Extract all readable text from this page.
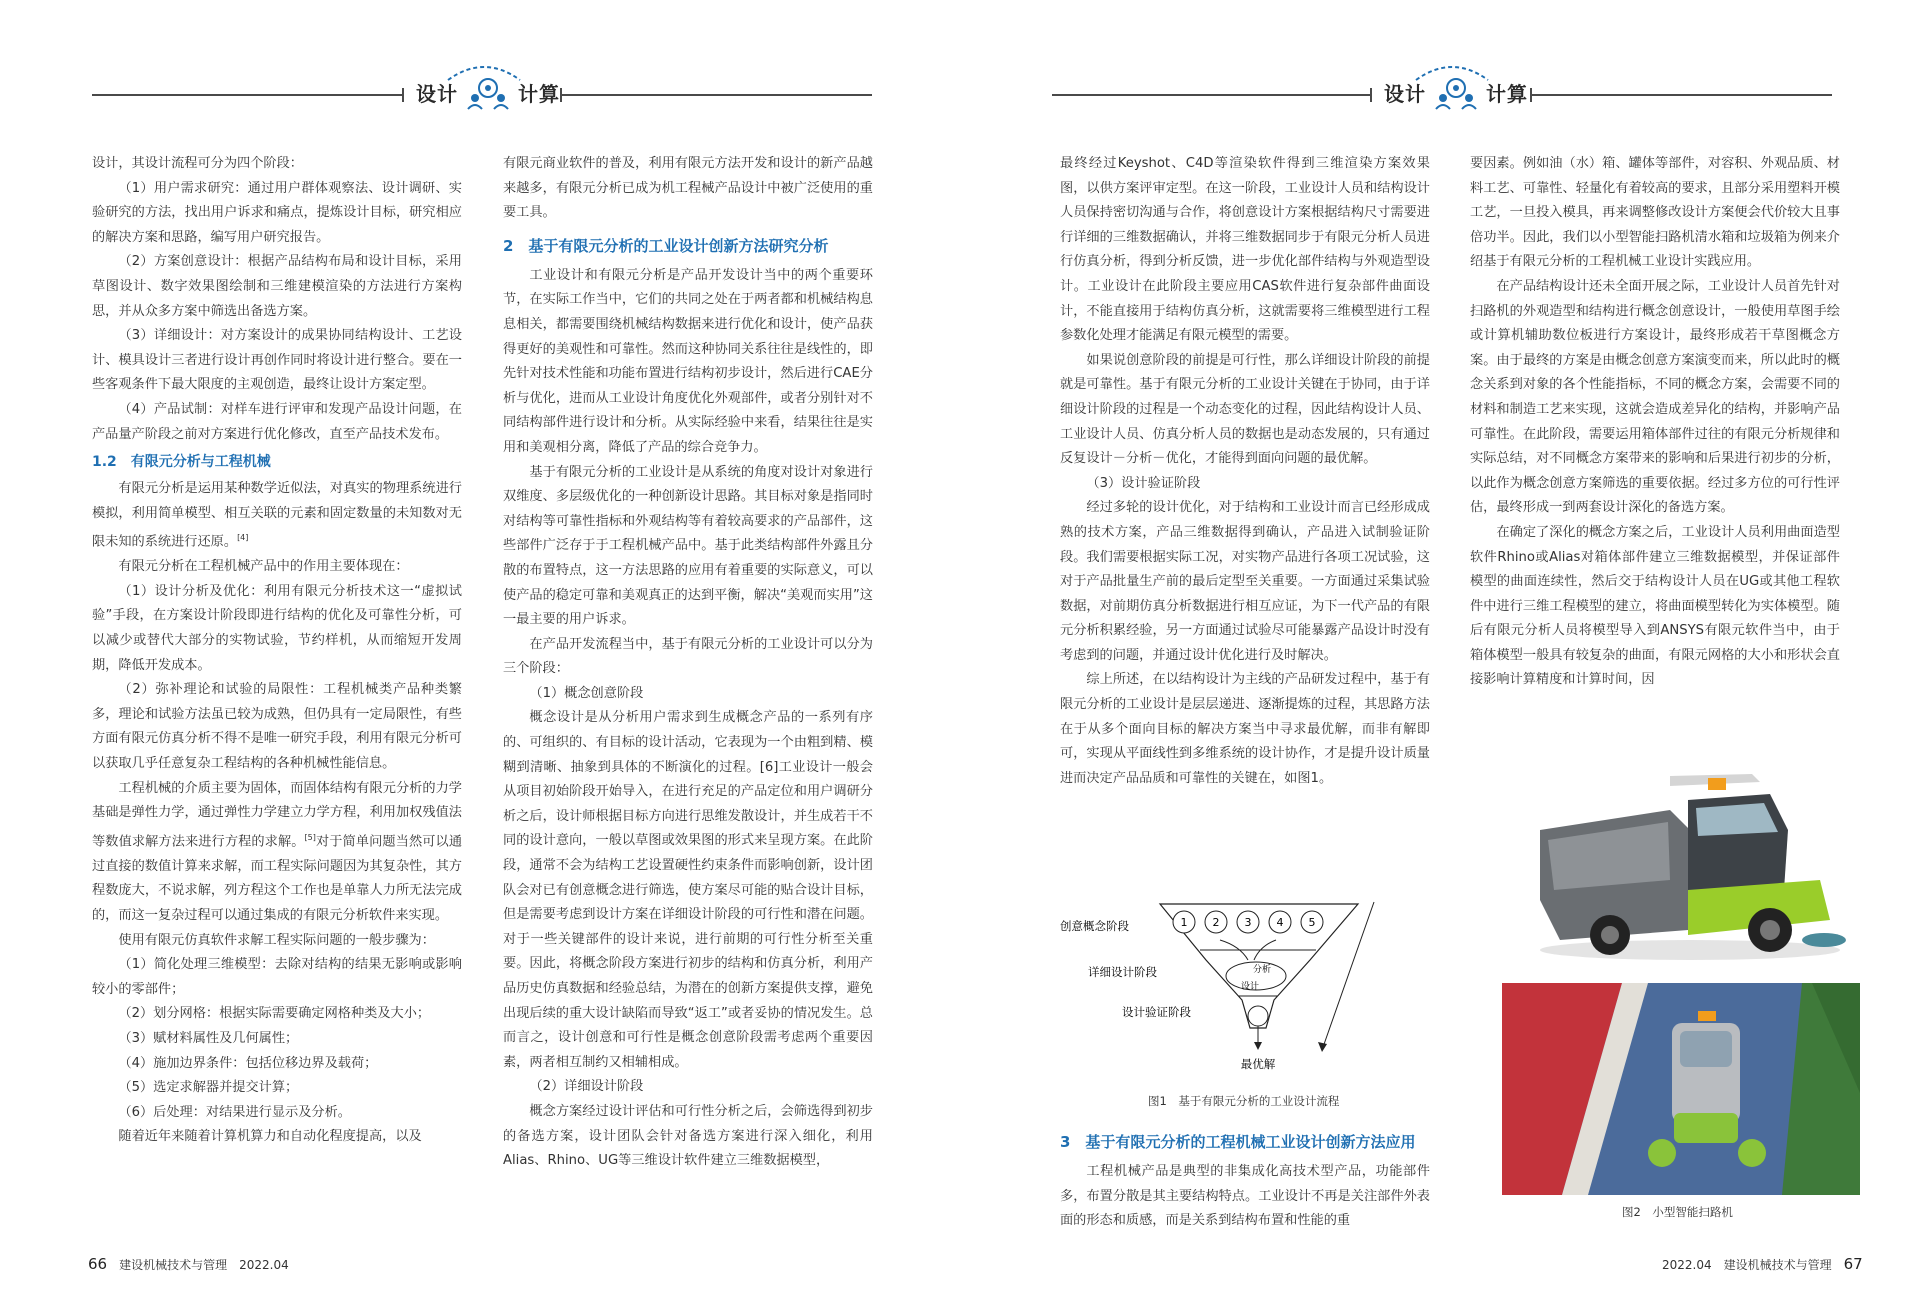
设计	计算

设计，其设计流程可分为四个阶段：

（1）用户需求研究：通过用户群体观察法、设计调研、实验研究的方法，找出用户诉求和痛点，提炼设计目标，研究相应的解决方案和思路，编写用户研究报告。

（2）方案创意设计：根据产品结构布局和设计目标，采用草图设计、数字效果图绘制和三维建模渲染的方法进行方案构思，并从众多方案中筛选出备选方案。

（3）详细设计：对方案设计的成果协同结构设计、工艺设计、模具设计三者进行设计再创作同时将设计进行整合。要在一些客观条件下最大限度的主观创造，最终让设计方案定型。

（4）产品试制：对样车进行评审和发现产品设计问题，在产品量产阶段之前对方案进行优化修改，直至产品技术发布。

1.2　有限元分析与工程机械

有限元分析是运用某种数学近似法，对真实的物理系统进行模拟，利用简单模型、相互关联的元素和固定数量的未知数对无限未知的系统进行还原。[4]

有限元分析在工程机械产品中的作用主要体现在：

（1）设计分析及优化：利用有限元分析技术这一“虚拟试验”手段，在方案设计阶段即进行结构的优化及可靠性分析，可以减少或替代大部分的实物试验，节约样机，从而缩短开发周期，降低开发成本。

（2）弥补理论和试验的局限性：工程机械类产品种类繁多，理论和试验方法虽已较为成熟，但仍具有一定局限性，有些方面有限元仿真分析不得不是唯一研究手段，利用有限元分析可以获取几乎任意复杂工程结构的各种机械性能信息。

工程机械的介质主要为固体，而固体结构有限元分析的力学基础是弹性力学，通过弹性力学建立力学方程，利用加权残值法等数值求解方法来进行方程的求解。[5]对于简单问题当然可以通过直接的数值计算来求解，而工程实际问题因为其复杂性，其方程数庞大，不说求解，列方程这个工作也是单靠人力所无法完成的，而这一复杂过程可以通过集成的有限元分析软件来实现。

使用有限元仿真软件求解工程实际问题的一般步骤为：

（1）简化处理三维模型：去除对结构的结果无影响或影响较小的零部件；

（2）划分网格：根据实际需要确定网格种类及大小；

（3）赋材料属性及几何属性；

（4）施加边界条件：包括位移边界及载荷；

（5）选定求解器并提交计算；

（6）后处理：对结果进行显示及分析。

随着近年来随着计算机算力和自动化程度提高，以及

有限元商业软件的普及，利用有限元方法开发和设计的新产品越来越多，有限元分析已成为机工程械产品设计中被广泛使用的重要工具。

2　基于有限元分析的工业设计创新方法研究分析

工业设计和有限元分析是产品开发设计当中的两个重要环节，在实际工作当中，它们的共同之处在于两者都和机械结构息息相关，都需要围绕机械结构数据来进行优化和设计，使产品获得更好的美观性和可靠性。然而这种协同关系往往是线性的，即先针对技术性能和功能布置进行结构初步设计，然后进行CAE分析与优化，进而从工业设计角度优化外观部件，或者分别针对不同结构部件进行设计和分析。从实际经验中来看，结果往往是实用和美观相分离，降低了产品的综合竞争力。

基于有限元分析的工业设计是从系统的角度对设计对象进行双维度、多层级优化的一种创新设计思路。其目标对象是指同时对结构等可靠性指标和外观结构等有着较高要求的产品部件，这些部件广泛存于于工程机械产品中。基于此类结构部件外露且分散的布置特点，这一方法思路的应用有着重要的实际意义，可以使产品的稳定可靠和美观真正的达到平衡，解决“美观而实用”这一最主要的用户诉求。

在产品开发流程当中，基于有限元分析的工业设计可以分为三个阶段：

（1）概念创意阶段

概念设计是从分析用户需求到生成概念产品的一系列有序的、可组织的、有目标的设计活动，它表现为一个由粗到精、模糊到清晰、抽象到具体的不断演化的过程。[6]工业设计一般会从项目初始阶段开始导入，在进行充足的产品定位和用户调研分析之后，设计师根据目标方向进行思维发散设计，并生成若干不同的设计意向，一般以草图或效果图的形式来呈现方案。在此阶段，通常不会为结构工艺设置硬性约束条件而影响创新，设计团队会对已有创意概念进行筛选，使方案尽可能的贴合设计目标，但是需要考虑到设计方案在详细设计阶段的可行性和潜在问题。对于一些关键部件的设计来说，进行前期的可行性分析至关重要。因此，将概念阶段方案进行初步的结构和仿真分析，利用产品历史仿真数据和经验总结，为潜在的创新方案提供支撑，避免出现后续的重大设计缺陷而导致“返工”或者妥协的情况发生。总而言之，设计创意和可行性是概念创意阶段需考虑两个重要因素，两者相互制约又相辅相成。

（2）详细设计阶段

概念方案经过设计评估和可行性分析之后，会筛选得到初步的备选方案，设计团队会针对备选方案进行深入细化，利用Alias、Rhino、UG等三维设计软件建立三维数据模型，

66 建设机械技术与管理 2022.04
设计	计算

最终经过Keyshot、C4D等渲染软件得到三维渲染方案效果图，以供方案评审定型。在这一阶段，工业设计人员和结构设计人员保持密切沟通与合作，将创意设计方案根据结构尺寸需要进行详细的三维数据确认，并将三维数据同步于有限元分析人员进行仿真分析，得到分析反馈，进一步优化部件结构与外观造型设计。工业设计在此阶段主要应用CAS软件进行复杂部件曲面设计，不能直接用于结构仿真分析，这就需要将三维模型进行工程参数化处理才能满足有限元模型的需要。

如果说创意阶段的前提是可行性，那么详细设计阶段的前提就是可靠性。基于有限元分析的工业设计关键在于协同，由于详细设计阶段的过程是一个动态变化的过程，因此结构设计人员、工业设计人员、仿真分析人员的数据也是动态发展的，只有通过反复设计－分析－优化，才能得到面向问题的最优解。

（3）设计验证阶段

经过多轮的设计优化，对于结构和工业设计而言已经形成成熟的技术方案，产品三维数据得到确认，产品进入试制验证阶段。我们需要根据实际工况，对实物产品进行各项工况试验，这对于产品批量生产前的最后定型至关重要。一方面通过采集试验数据，对前期仿真分析数据进行相互应证，为下一代产品的有限元分析积累经验，另一方面通过试验尽可能暴露产品设计时没有考虑到的问题，并通过设计优化进行及时解决。

综上所述，在以结构设计为主线的产品研发过程中，基于有限元分析的工业设计是层层递进、逐渐提炼的过程，其思路方法在于从多个面向目标的解决方案当中寻求最优解，而非有解即可，实现从平面线性到多维系统的设计协作，才是提升设计质量进而决定产品品质和可靠性的关键在，如图1。

1 2 3 4 5
分析
设计
创意概念阶段
详细设计阶段
设计验证阶段
最优解
图1　基于有限元分析的工业设计流程
3　基于有限元分析的工程机械工业设计创新方法应用

工程机械产品是典型的非集成化高技术型产品，功能部件多，布置分散是其主要结构特点。工业设计不再是关注部件外表面的形态和质感，而是关系到结构布置和性能的重

要因素。例如油（水）箱、罐体等部件，对容积、外观品质、材料工艺、可靠性、轻量化有着较高的要求，且部分采用塑料开模工艺，一旦投入模具，再来调整修改设计方案便会代价较大且事倍功半。因此，我们以小型智能扫路机清水箱和垃圾箱为例来介绍基于有限元分析的工程机械工业设计实践应用。

在产品结构设计还未全面开展之际，工业设计人员首先针对扫路机的外观造型和结构进行概念创意设计，一般使用草图手绘或计算机辅助数位板进行方案设计，最终形成若干草图概念方案。由于最终的方案是由概念创意方案演变而来，所以此时的概念关系到对象的各个性能指标，不同的概念方案，会需要不同的材料和制造工艺来实现，这就会造成差异化的结构，并影响产品可靠性。在此阶段，需要运用箱体部件过往的有限元分析规律和实际总结，对不同概念方案带来的影响和后果进行初步的分析，以此作为概念创意方案筛选的重要依据。经过多方位的可行性评估，最终形成一到两套设计深化的备选方案。

在确定了深化的概念方案之后，工业设计人员利用曲面造型软件Rhino或Alias对箱体部件建立三维数据模型，并保证部件模型的曲面连续性，然后交于结构设计人员在UG或其他工程软件中进行三维工程模型的建立，将曲面模型转化为实体模型。随后有限元分析人员将模型导入到ANSYS有限元软件当中，由于箱体模型一般具有较复杂的曲面，有限元网格的大小和形状会直接影响计算精度和计算时间，因

图2　小型智能扫路机
2022.04 建设机械技术与管理 67
